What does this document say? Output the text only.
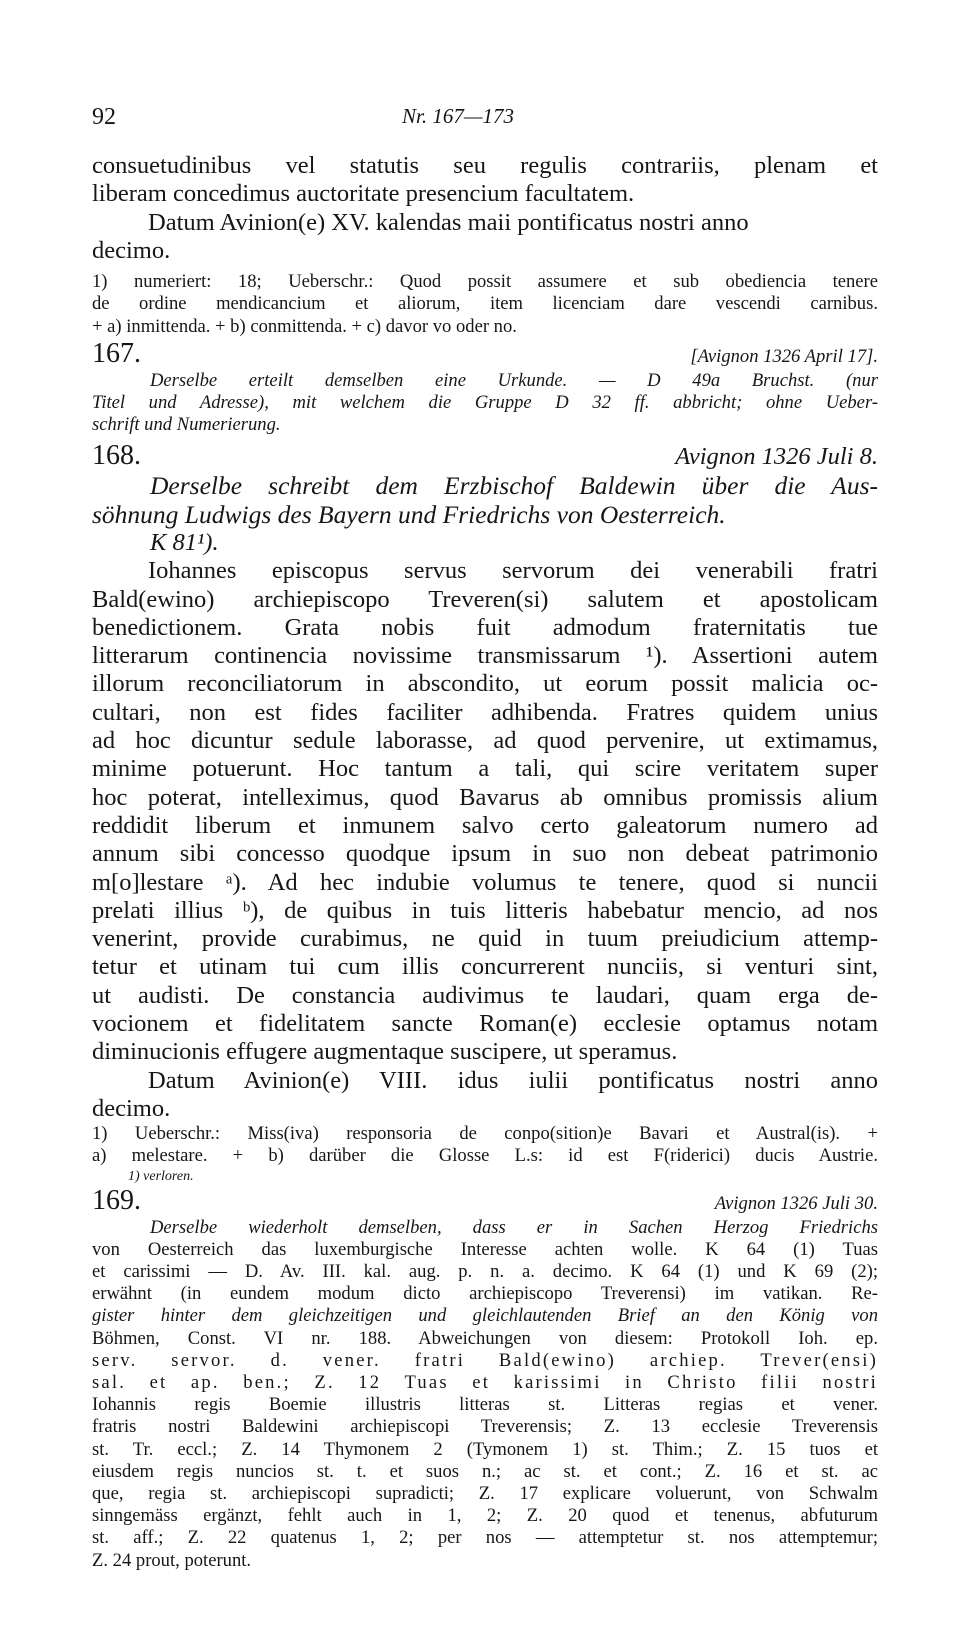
92	Nr. 167—173
consuetudinibus vel statutis seu regulis contrariis, plenam et
liberam concedimus auctoritate presencium facultatem.
Datum Avinion(e) XV. kalendas maii pontificatus nostri anno
decimo.
1) numeriert: 18; Ueberschr.: Quod possit assumere et sub obediencia tenere
de ordine mendicancium et aliorum, item licenciam dare vescendi carnibus.
+ a) inmittenda. + b) conmittenda. + c) davor vo oder no.
167.	[Avignon 1326 April 17].
Derselbe erteilt demselben eine Urkunde. — D 49a Bruchst. (nur
Titel und Adresse), mit welchem die Gruppe D 32 ff. abbricht; ohne Ueber-
schrift und Numerierung.
168.	Avignon 1326 Juli 8.
Derselbe schreibt dem Erzbischof Baldewin über die Aus-
söhnung Ludwigs des Bayern und Friedrichs von Oesterreich.
K 81¹).
Iohannes episcopus servus servorum dei venerabili fratri
Bald(ewino) archiepiscopo Treveren(si) salutem et apostolicam
benedictionem. Grata nobis fuit admodum fraternitatis tue
litterarum continencia novissime transmissarum ¹). Assertioni autem
illorum reconciliatorum in abscondito, ut eorum possit malicia oc-
cultari, non est fides faciliter adhibenda. Fratres quidem unius
ad hoc dicuntur sedule laborasse, ad quod pervenire, ut extimamus,
minime potuerunt. Hoc tantum a tali, qui scire veritatem super
hoc poterat, intelleximus, quod Bavarus ab omnibus promissis alium
reddidit liberum et inmunem salvo certo galeatorum numero ad
annum sibi concesso quodque ipsum in suo non debeat patrimonio
m[o]lestare ᵃ). Ad hec indubie volumus te tenere, quod si nuncii
prelati illius ᵇ), de quibus in tuis litteris habebatur mencio, ad nos
venerint, provide curabimus, ne quid in tuum preiudicium attemp-
tetur et utinam tui cum illis concurrerent nunciis, si venturi sint,
ut audisti. De constancia audivimus te laudari, quam erga de-
vocionem et fidelitatem sancte Roman(e) ecclesie optamus notam
diminucionis effugere augmentaque suscipere, ut speramus.
Datum Avinion(e) VIII. idus iulii pontificatus nostri anno
decimo.
1) Ueberschr.: Miss(iva) responsoria de conpo(sition)e Bavari et Austral(is). +
a) melestare. + b) darüber die Glosse L.s: id est F(riderici) ducis Austrie.
1) verloren.
169.	Avignon 1326 Juli 30.
Derselbe wiederholt demselben, dass er in Sachen Herzog Friedrichs
von Oesterreich das luxemburgische Interesse achten wolle. K 64 (1) Tuas
et carissimi — D. Av. III. kal. aug. p. n. a. decimo. K 64 (1) und K 69 (2);
erwähnt (in eundem modum dicto archiepiscopo Treverensi) im vatikan. Re-
gister hinter dem gleichzeitigen und gleichlautenden Brief an den König von
Böhmen, Const. VI nr. 188. Abweichungen von diesem: Protokoll Ioh. ep.
serv. servor. d. vener. fratri Bald(ewino) archiep. Trever(ensi)
sal. et ap. ben.; Z. 12 Tuas et karissimi in Christo filii nostri
Iohannis regis Boemie illustris litteras st. Litteras regias et vener.
fratris nostri Baldewini archiepiscopi Treverensis; Z. 13 ecclesie Treverensis
st. Tr. eccl.; Z. 14 Thymonem 2 (Tymonem 1) st. Thim.; Z. 15 tuos et
eiusdem regis nuncios st. t. et suos n.; ac st. et cont.; Z. 16 et st. ac
que, regia st. archiepiscopi supradicti; Z. 17 explicare voluerunt, von Schwalm
sinngemäss ergänzt, fehlt auch in 1, 2; Z. 20 quod et tenenus, abfuturum
st. aff.; Z. 22 quatenus 1, 2; per nos — attemptetur st. nos attemptemur;
Z. 24 prout, poterunt.
